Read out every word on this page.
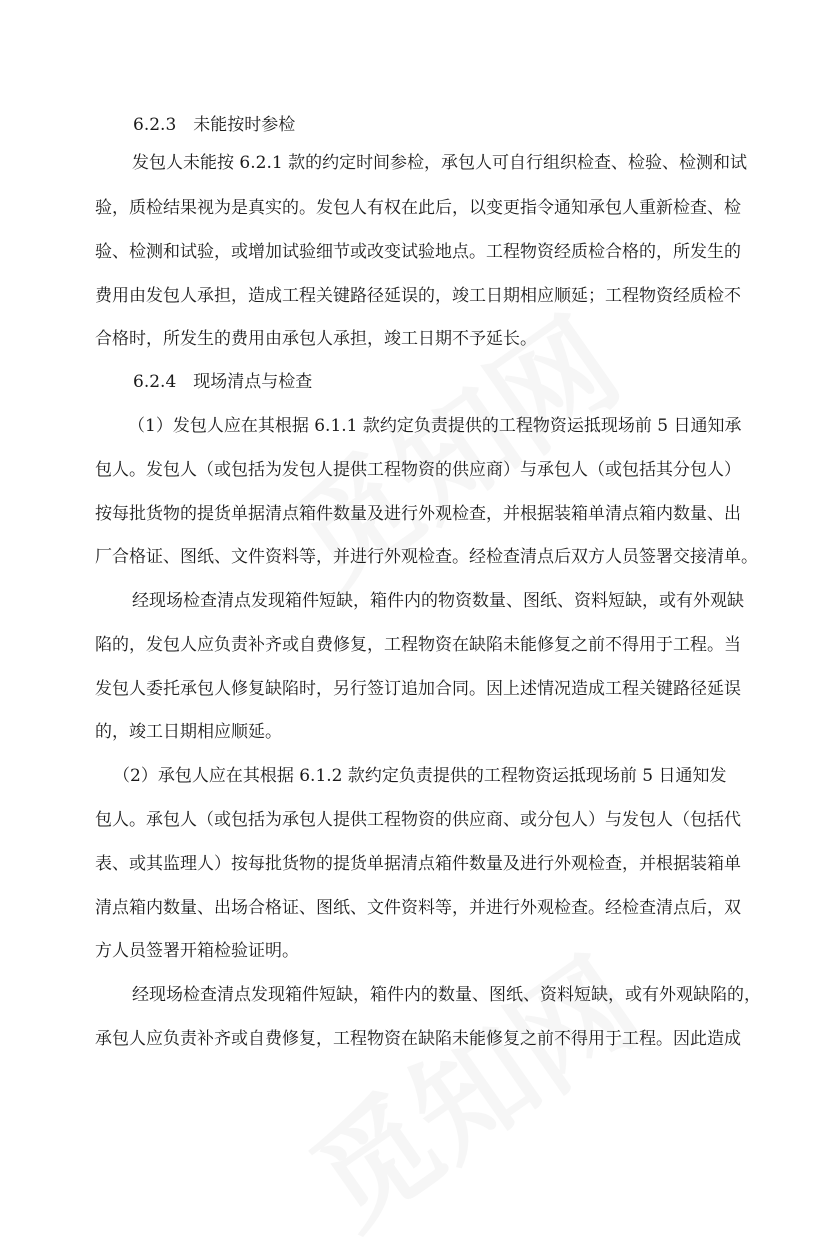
6.2.3　未能按时参检
发包人未能按 6.2.1 款的约定时间参检，承包人可自行组织检查、检验、检测和试
验，质检结果视为是真实的。发包人有权在此后，以变更指令通知承包人重新检查、检
验、检测和试验，或增加试验细节或改变试验地点。工程物资经质检合格的，所发生的
费用由发包人承担，造成工程关键路径延误的，竣工日期相应顺延；工程物资经质检不
合格时，所发生的费用由承包人承担，竣工日期不予延长。
6.2.4　现场清点与检查
（1）发包人应在其根据 6.1.1 款约定负责提供的工程物资运抵现场前 5 日通知承
包人。发包人（或包括为发包人提供工程物资的供应商）与承包人（或包括其分包人）
按每批货物的提货单据清点箱件数量及进行外观检查，并根据装箱单清点箱内数量、出
厂合格证、图纸、文件资料等，并进行外观检查。经检查清点后双方人员签署交接清单。
经现场检查清点发现箱件短缺，箱件内的物资数量、图纸、资料短缺，或有外观缺
陷的，发包人应负责补齐或自费修复，工程物资在缺陷未能修复之前不得用于工程。当
发包人委托承包人修复缺陷时，另行签订追加合同。因上述情况造成工程关键路径延误
的，竣工日期相应顺延。
（2）承包人应在其根据 6.1.2 款约定负责提供的工程物资运抵现场前 5 日通知发
包人。承包人（或包括为承包人提供工程物资的供应商、或分包人）与发包人（包括代
表、或其监理人）按每批货物的提货单据清点箱件数量及进行外观检查，并根据装箱单
清点箱内数量、出场合格证、图纸、文件资料等，并进行外观检查。经检查清点后，双
方人员签署开箱检验证明。
经现场检查清点发现箱件短缺，箱件内的数量、图纸、资料短缺，或有外观缺陷的，
承包人应负责补齐或自费修复，工程物资在缺陷未能修复之前不得用于工程。因此造成
